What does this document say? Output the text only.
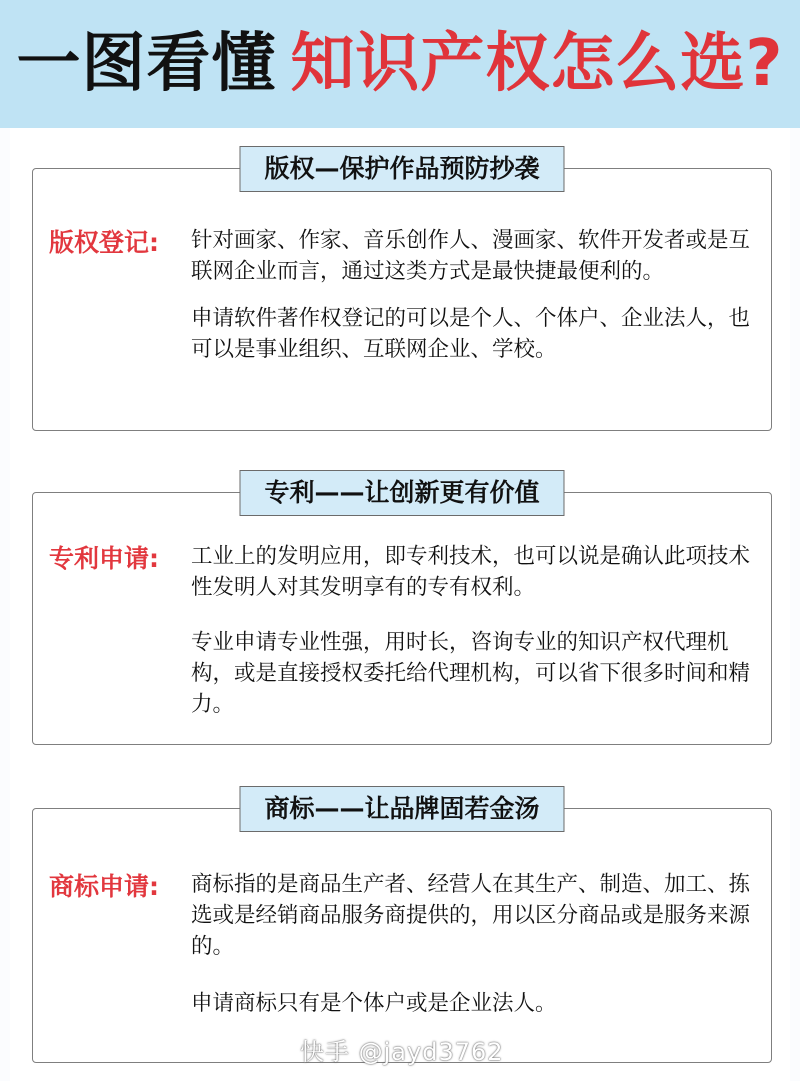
一图看懂 知识产权怎么选?
版权—保护作品预防抄袭
版权登记: 针对画家、作家、音乐创作人、漫画家、软件开发者或是互联网企业而言，通过这类方式是最快捷最便利的。

申请软件著作权登记的可以是个人、个体户、企业法人，也可以是事业组织、互联网企业、学校。

专利——让创新更有价值
专利申请: 工业上的发明应用，即专利技术，也可以说是确认此项技术性发明人对其发明享有的专有权利。

专业申请专业性强，用时长，咨询专业的知识产权代理机构，或是直接授权委托给代理机构，可以省下很多时间和精力。

商标——让品牌固若金汤
商标申请: 商标指的是商品生产者、经营人在其生产、制造、加工、拣选或是经销商品服务商提供的，用以区分商品或是服务来源的。

申请商标只有是个体户或是企业法人。

快手 @jayd3762
